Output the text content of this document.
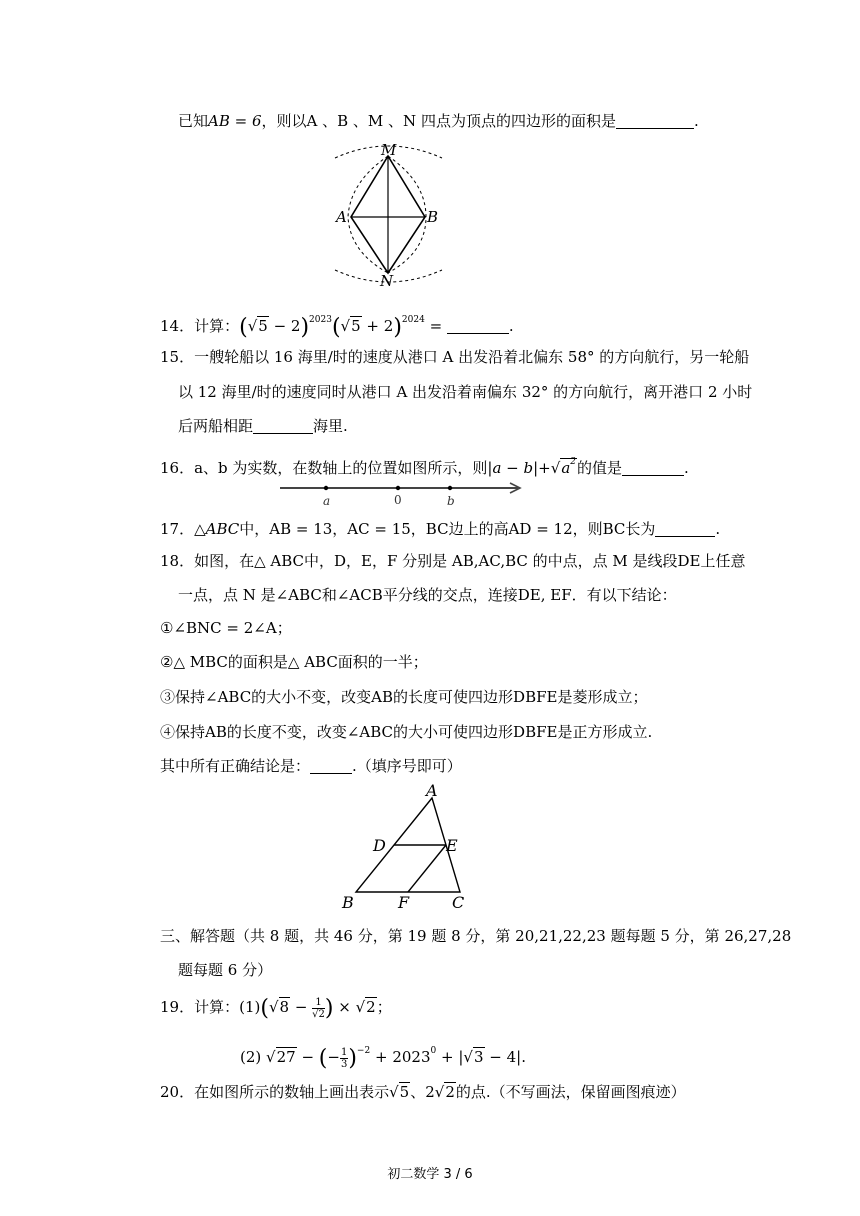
已知AB = 6，则以A 、B 、M 、N 四点为顶点的四边形的面积是	.
M
A	B
N
14．计算：$(√5 - 2)^{2023}(√5 + 2)^{2024}$ =	.
15．一艘轮船以 16 海里/时的速度从港口 A 出发沿着北偏东 58° 的方向航行，另一轮船
以 12 海里/时的速度同时从港口 A 出发沿着南偏东 32° 的方向航行，离开港口 2 小时
后两船相距	海里.
16．a、b 为实数，在数轴上的位置如图所示，则$|a - b|+√a^2$的值是	.
a	0	b
17．△ABC中，AB = 13，AC = 15，BC边上的高AD = 12，则BC长为	.
18．如图，在△ ABC中，D，E，F 分别是 AB,AC,BC 的中点，点 M 是线段DE上任意
一点，点 N 是∠ABC和∠ACB平分线的交点，连接DE, EF．有以下结论：
①∠BNC = 2∠A；
②△ MBC的面积是△ ABC面积的一半；
③保持∠ABC的大小不变，改变AB的长度可使四边形DBFE是菱形成立；
④保持AB的长度不变，改变∠ABC的大小可使四边形DBFE是正方形成立.
其中所有正确结论是：	.（填序号即可）
A
D	E
B	F	C
三、解答题（共 8 题，共 46 分，第 19 题 8 分，第 20,21,22,23 题每题 5 分，第 26,27,28
题每题 6 分）
19．计算：$(1)(√8 - \frac{1}{√2}$ ) × √2；
(2) √27 − (− $\frac{1}{3} )^{-2} + 2023^0 + |√3 - 4|$.
20．在如图所示的数轴上画出表示√5、2√2的点.（不写画法，保留画图痕迹）
初二数学 3 / 6
